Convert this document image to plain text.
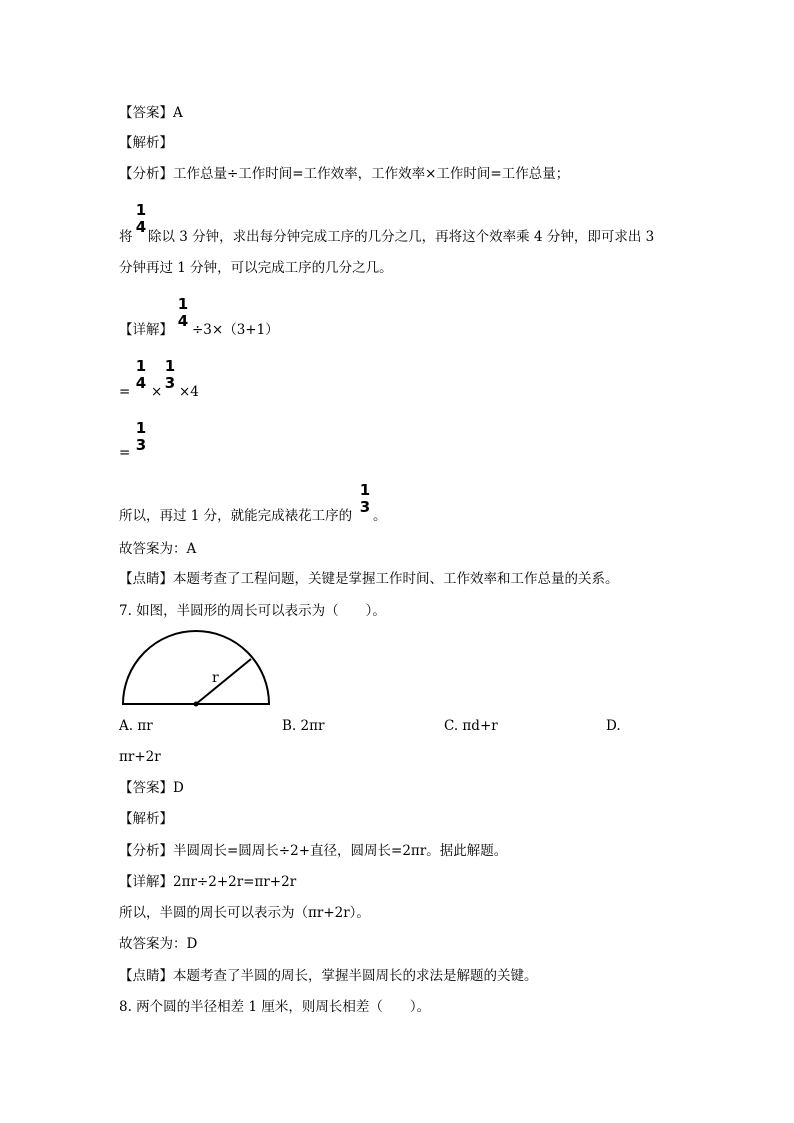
【答案】A
【解析】
【分析】工作总量÷工作时间=工作效率，工作效率×工作时间=工作总量；
1
4
将 除以 3 分钟，求出每分钟完成工序的几分之几，再将这个效率乘 4 分钟，即可求出 3
分钟再过 1 分钟，可以完成工序的几分之几。
1
4
【详解】 ÷3×（3+1）
=
1
4 ×
1
3 ×4
=
1
3
所以，再过 1 分，就能完成裱花工序的
1
3 。
故答案为：A
【点睛】本题考查了工程问题，关键是掌握工作时间、工作效率和工作总量的关系。
7. 如图，半圆形的周长可以表示为（　　）。
r
A. πr	B. 2πr	C. πd+r	D.
πr+2r
【答案】D
【解析】
【分析】半圆周长=圆周长÷2+直径，圆周长=2πr。据此解题。
【详解】2πr÷2+2r=πr+2r
所以，半圆的周长可以表示为（πr+2r）。
故答案为：D
【点睛】本题考查了半圆的周长，掌握半圆周长的求法是解题的关键。
8. 两个圆的半径相差 1 厘米，则周长相差（　　）。
